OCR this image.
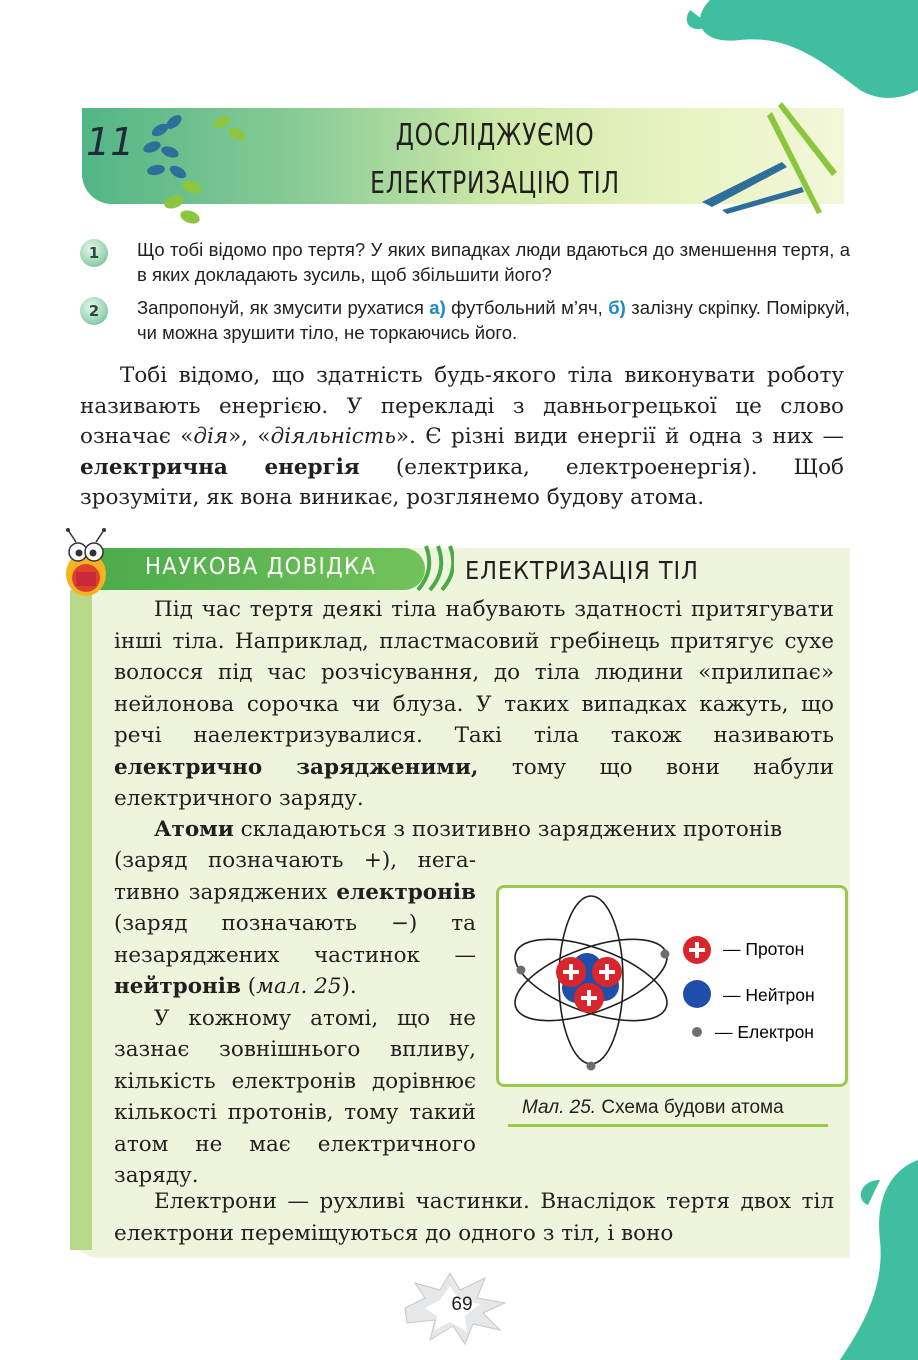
11	ДОСЛІДЖУЄМО
ЕЛЕКТРИЗАЦІЮ ТІЛ
1	Що тобі відомо про тертя? У яких випадках люди вдаються до зменшення тертя, а в яких докладають зусиль, щоб збільшити його?
2	Запропонуй, як змусити рухатися а) футбольний м’яч, б) залізну скріпку. Поміркуй, чи можна зрушити тіло, не торкаючись його.

Тобі відомо, що здатність будь-якого тіла виконувати роботу називають енергією. У перекладі з давньогрецької це слово означає «дія», «діяльність». Є різні види енергії й одна з них — електрична енергія (електрика, електроенергія). Щоб зрозуміти, як вона виникає, розглянемо будову атома.

НАУКОВА ДОВІДКА	ЕЛЕКТРИЗАЦІЯ ТІЛ

Під час тертя деякі тіла набувають здатності притягувати інші тіла. Наприклад, пластмасовий гребінець притягує сухе волосся під час розчісування, до тіла людини «прилипає» нейлонова сорочка чи блуза. У таких випадках кажуть, що речі наелектризувалися. Такі тіла також називають електрично зарядженими, тому що вони набули електричного заряду.

Атоми складаються з позитивно заряджених протонів

(заряд позначають +), негативно заряджених електронів (заряд позначають −) та незаряджених частинок — нейтронів (мал. 25).

У кожному атомі, що не зазнає зовнішнього впливу, кількість електронів дорівнює кількості протонів, тому такий атом не має електричного заряду.

Електрони — рухливі частинки. Внаслідок тертя двох тіл електрони переміщуються до одного з тіл, і воно

— Протон
— Нейтрон
— Електрон
Мал. 25. Схема будови атома
69
